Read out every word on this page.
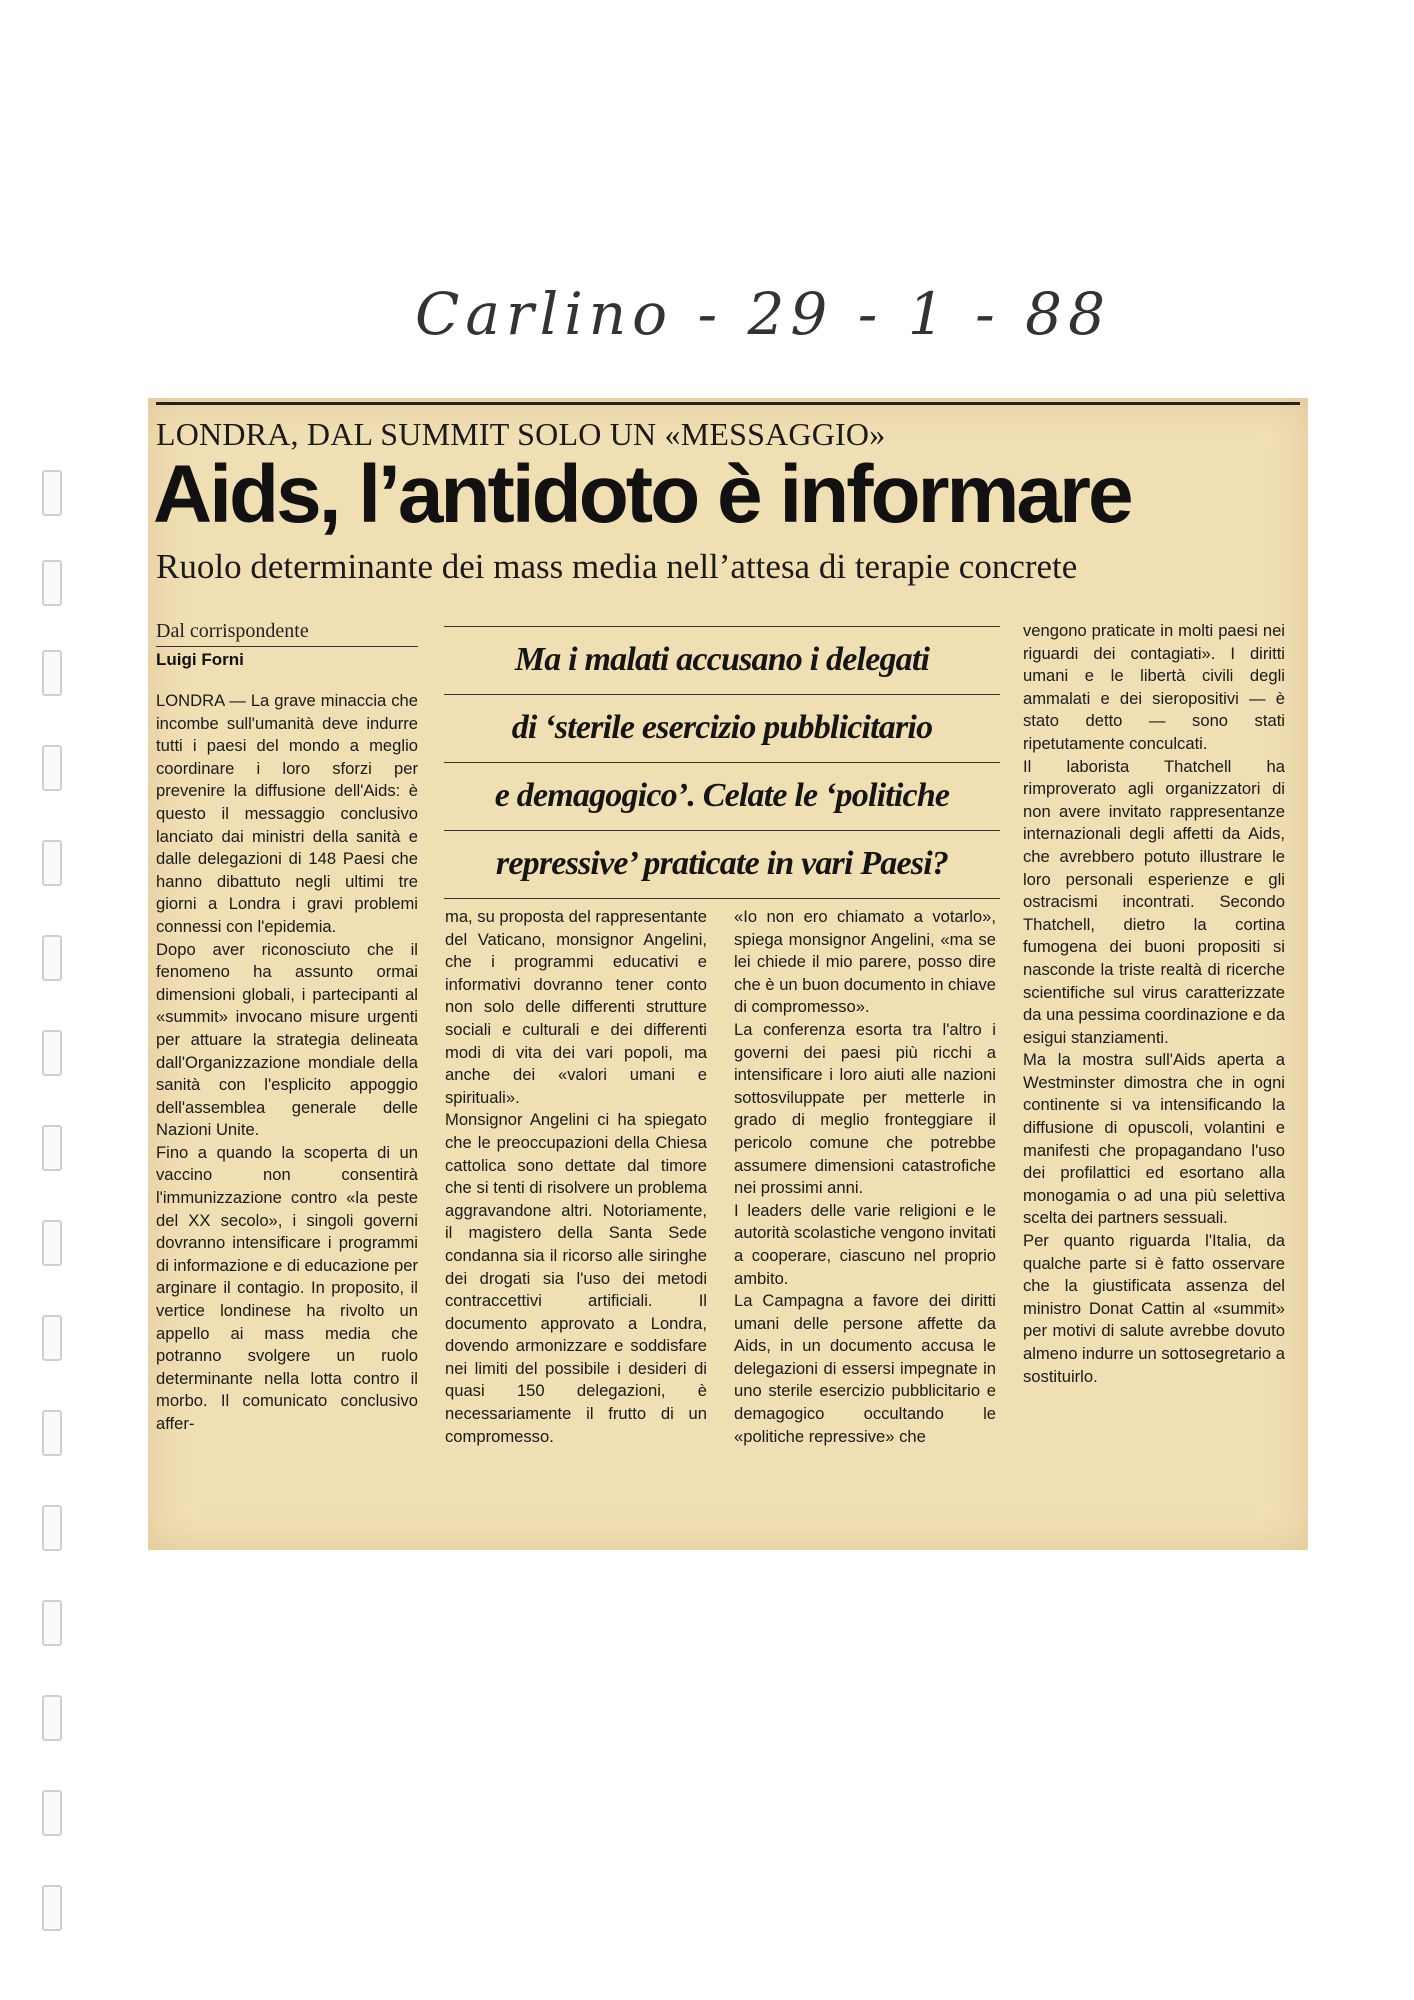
Carlino - 29 - 1 - 88
LONDRA, DAL SUMMIT SOLO UN «MESSAGGIO»
Aids, l’antidoto è informare
Ruolo determinante dei mass media nell’attesa di terapie concrete
Dal corrispondente
Luigi Forni

LONDRA — La grave minaccia che incombe sull'umanità deve indurre tutti i paesi del mondo a meglio coordinare i loro sforzi per prevenire la diffusione dell'Aids: è questo il messaggio conclusivo lanciato dai ministri della sanità e dalle delegazioni di 148 Paesi che hanno dibattuto negli ultimi tre giorni a Londra i gravi problemi connessi con l'epidemia.

Dopo aver riconosciuto che il fenomeno ha assunto ormai dimensioni globali, i partecipanti al «summit» invocano misure urgenti per attuare la strategia delineata dall'Organizzazione mondiale della sanità con l'esplicito appoggio dell'assemblea generale delle Nazioni Unite.

Fino a quando la scoperta di un vaccino non consentirà l'immunizzazione contro «la peste del XX secolo», i singoli governi dovranno intensificare i programmi di informazione e di educazione per arginare il contagio. In proposito, il vertice londinese ha rivolto un appello ai mass media che potranno svolgere un ruolo determinante nella lotta contro il morbo. Il comunicato conclusivo affer-

Ma i malati accusano i delegati
di ‘sterile esercizio pubblicitario
e demagogico’. Celate le ‘politiche
repressive’ praticate in vari Paesi?

ma, su proposta del rappresentante del Vaticano, monsignor Angelini, che i programmi educativi e informativi dovranno tener conto non solo delle differenti strutture sociali e culturali e dei differenti modi di vita dei vari popoli, ma anche dei «valori umani e spirituali».

Monsignor Angelini ci ha spiegato che le preoccupazioni della Chiesa cattolica sono dettate dal timore che si tenti di risolvere un problema aggravandone altri. Notoriamente, il magistero della Santa Sede condanna sia il ricorso alle siringhe dei drogati sia l'uso dei metodi contraccettivi artificiali. Il documento approvato a Londra, dovendo armonizzare e soddisfare nei limiti del possibile i desideri di quasi 150 delegazioni, è necessariamente il frutto di un compromesso.

«Io non ero chiamato a votarlo», spiega monsignor Angelini, «ma se lei chiede il mio parere, posso dire che è un buon documento in chiave di compromesso».

La conferenza esorta tra l'altro i governi dei paesi più ricchi a intensificare i loro aiuti alle nazioni sottosviluppate per metterle in grado di meglio fronteggiare il pericolo comune che potrebbe assumere dimensioni catastrofiche nei prossimi anni.

I leaders delle varie religioni e le autorità scolastiche vengono invitati a cooperare, ciascuno nel proprio ambito.

La Campagna a favore dei diritti umani delle persone affette da Aids, in un documento accusa le delegazioni di essersi impegnate in uno sterile esercizio pubblicitario e demagogico occultando le «politiche repressive» che

vengono praticate in molti paesi nei riguardi dei contagiati». I diritti umani e le libertà civili degli ammalati e dei sieropositivi — è stato detto — sono stati ripetutamente conculcati.

Il laborista Thatchell ha rimproverato agli organizzatori di non avere invitato rappresentanze internazionali degli affetti da Aids, che avrebbero potuto illustrare le loro personali esperienze e gli ostracismi incontrati. Secondo Thatchell, dietro la cortina fumogena dei buoni propositi si nasconde la triste realtà di ricerche scientifiche sul virus caratterizzate da una pessima coordinazione e da esigui stanziamenti.

Ma la mostra sull'Aids aperta a Westminster dimostra che in ogni continente si va intensificando la diffusione di opuscoli, volantini e manifesti che propagandano l'uso dei profilattici ed esortano alla monogamia o ad una più selettiva scelta dei partners sessuali.

Per quanto riguarda l'Italia, da qualche parte si è fatto osservare che la giustificata assenza del ministro Donat Cattin al «summit» per motivi di salute avrebbe dovuto almeno indurre un sottosegretario a sostituirlo.
